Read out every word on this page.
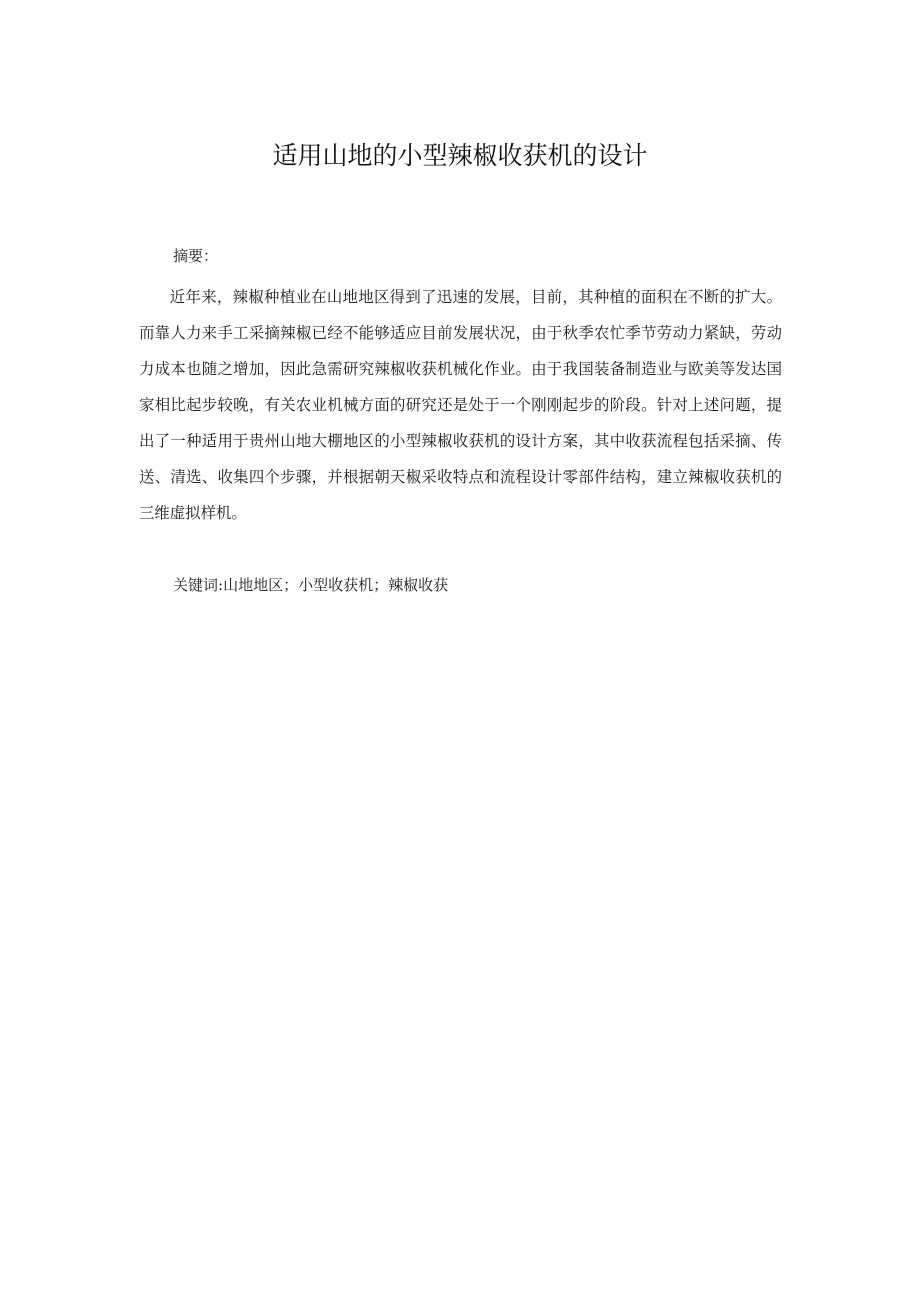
适用山地的小型辣椒收获机的设计

摘要：

近年来，辣椒种植业在山地地区得到了迅速的发展，目前，其种植的面积在不断的扩大。而靠人力来手工采摘辣椒已经不能够适应目前发展状况，由于秋季农忙季节劳动力紧缺，劳动力成本也随之增加，因此急需研究辣椒收获机械化作业。由于我国装备制造业与欧美等发达国家相比起步较晚，有关农业机械方面的研究还是处于一个刚刚起步的阶段。针对上述问题，提出了一种适用于贵州山地大棚地区的小型辣椒收获机的设计方案，其中收获流程包括采摘、传送、清选、收集四个步骤，并根据朝天椒采收特点和流程设计零部件结构，建立辣椒收获机的三维虚拟样机。

关键词:山地地区；小型收获机；辣椒收获
